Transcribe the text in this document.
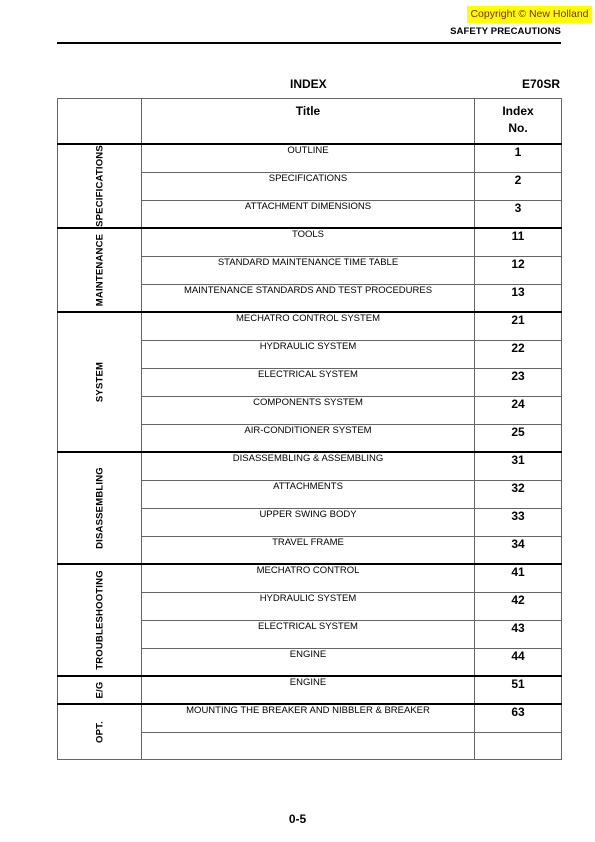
Copyright © New Holland
SAFETY PRECAUTIONS
INDEX	E70SR

	Title	Index
No.

SPECIFICATIONS	OUTLINE	1
	SPECIFICATIONS	2
	ATTACHMENT DIMENSIONS	3

MAINTENANCE	TOOLS	11
	STANDARD MAINTENANCE TIME TABLE	12
	MAINTENANCE STANDARDS AND TEST PROCEDURES	13

SYSTEM	MECHATRO CONTROL SYSTEM	21
	HYDRAULIC SYSTEM	22
	ELECTRICAL SYSTEM	23
	COMPONENTS SYSTEM	24
	AIR-CONDITIONER SYSTEM	25

DISASSEMBLING	DISASSEMBLING & ASSEMBLING	31
	ATTACHMENTS	32
	UPPER SWING BODY	33
	TRAVEL FRAME	34

TROUBLESHOOTING	MECHATRO CONTROL	41
	HYDRAULIC SYSTEM	42
	ELECTRICAL SYSTEM	43
	ENGINE	44

E/G	ENGINE	51

OPT.	MOUNTING THE BREAKER AND NIBBLER & BREAKER	63

0-5
